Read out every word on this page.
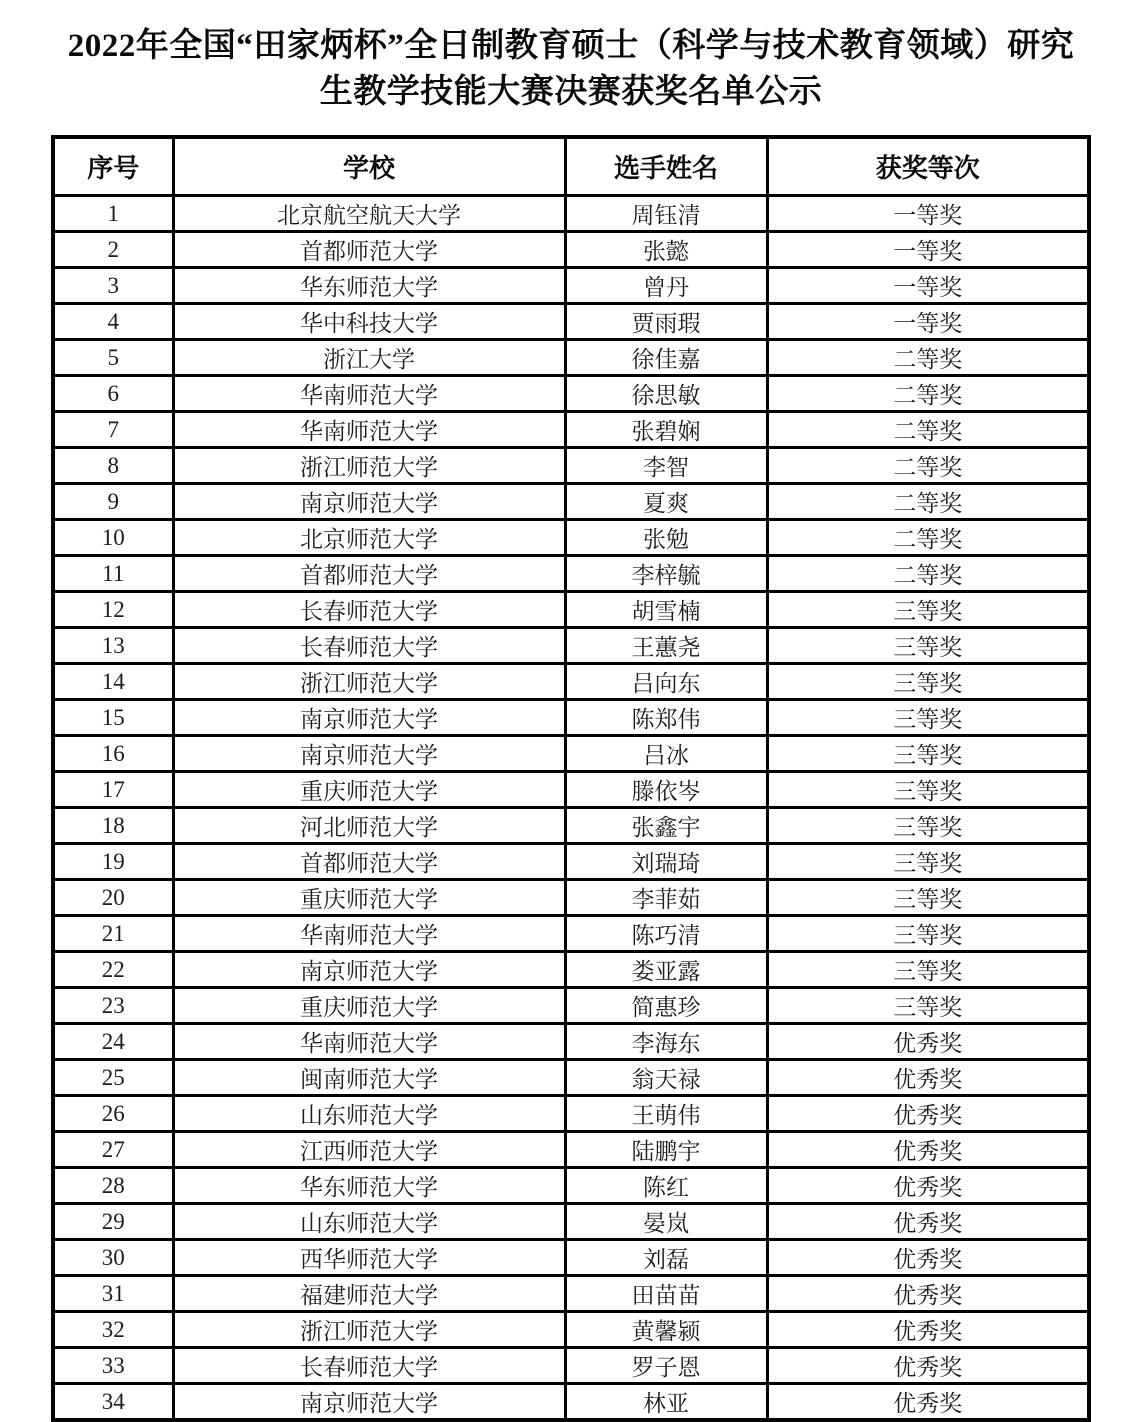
2022年全国“田家炳杯”全日制教育硕士（科学与技术教育领域）研究生教学技能大赛决赛获奖名单公示
序号	学校	选手姓名	获奖等次
1	北京航空航天大学	周钰清	一等奖
2	首都师范大学	张懿	一等奖
3	华东师范大学	曾丹	一等奖
4	华中科技大学	贾雨瑕	一等奖
5	浙江大学	徐佳嘉	二等奖
6	华南师范大学	徐思敏	二等奖
7	华南师范大学	张碧娴	二等奖
8	浙江师范大学	李智	二等奖
9	南京师范大学	夏爽	二等奖
10	北京师范大学	张勉	二等奖
11	首都师范大学	李梓毓	二等奖
12	长春师范大学	胡雪楠	三等奖
13	长春师范大学	王蕙尧	三等奖
14	浙江师范大学	吕向东	三等奖
15	南京师范大学	陈郑伟	三等奖
16	南京师范大学	吕冰	三等奖
17	重庆师范大学	滕依岑	三等奖
18	河北师范大学	张鑫宇	三等奖
19	首都师范大学	刘瑞琦	三等奖
20	重庆师范大学	李菲茹	三等奖
21	华南师范大学	陈巧清	三等奖
22	南京师范大学	娄亚露	三等奖
23	重庆师范大学	简惠珍	三等奖
24	华南师范大学	李海东	优秀奖
25	闽南师范大学	翁天禄	优秀奖
26	山东师范大学	王萌伟	优秀奖
27	江西师范大学	陆鹏宇	优秀奖
28	华东师范大学	陈红	优秀奖
29	山东师范大学	晏岚	优秀奖
30	西华师范大学	刘磊	优秀奖
31	福建师范大学	田苗苗	优秀奖
32	浙江师范大学	黄馨颍	优秀奖
33	长春师范大学	罗子恩	优秀奖
34	南京师范大学	林亚	优秀奖
